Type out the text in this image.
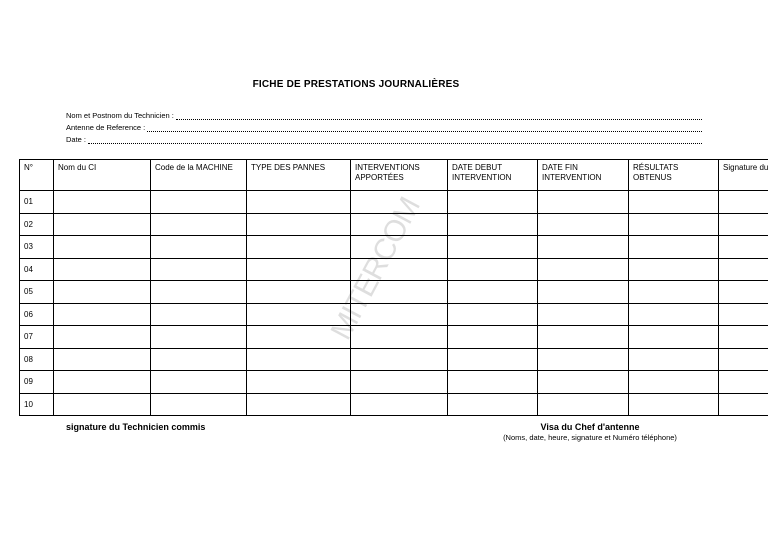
FICHE DE PRESTATIONS JOURNALIÈRES
Nom et Postnom du Technicien :
Antenne de Reference :
Date :
N°	Nom du CI	Code de la MACHINE	TYPE DES PANNES	INTERVENTIONS APPORTÉES	DATE DEBUT INTERVENTION	DATE FIN INTERVENTION	RÉSULTATS OBTENUS	Signature du
01								
02								
03								
04								
05								
06								
07								
08								
09								
10								
MITERCOM
signature du Technicien commis	Visa du Chef d'antenne
(Noms, date, heure, signature et Numéro téléphone)
